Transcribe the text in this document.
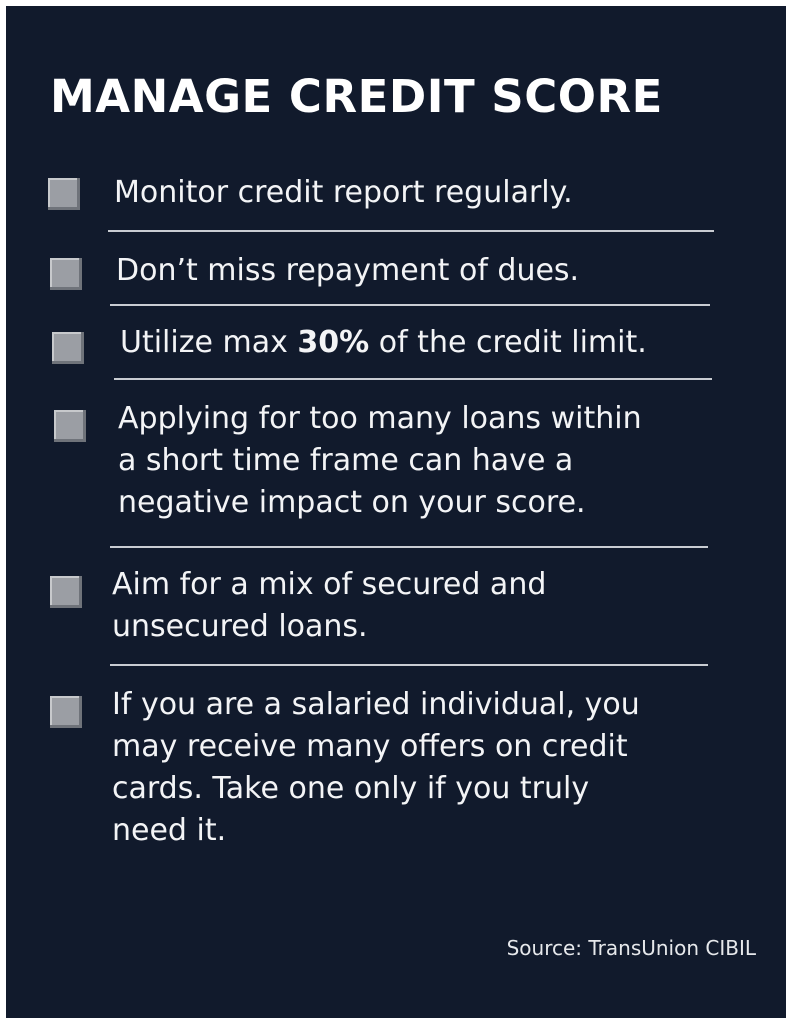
MANAGE CREDIT SCORE
Monitor credit report regularly.
Don’t miss repayment of dues.
Utilize max 30% of the credit limit.
Applying for too many loans within
a short time frame can have a
negative impact on your score.
Aim for a mix of secured and
unsecured loans.
If you are a salaried individual, you
may receive many offers on credit
cards. Take one only if you truly
need it.
Source: TransUnion CIBIL
